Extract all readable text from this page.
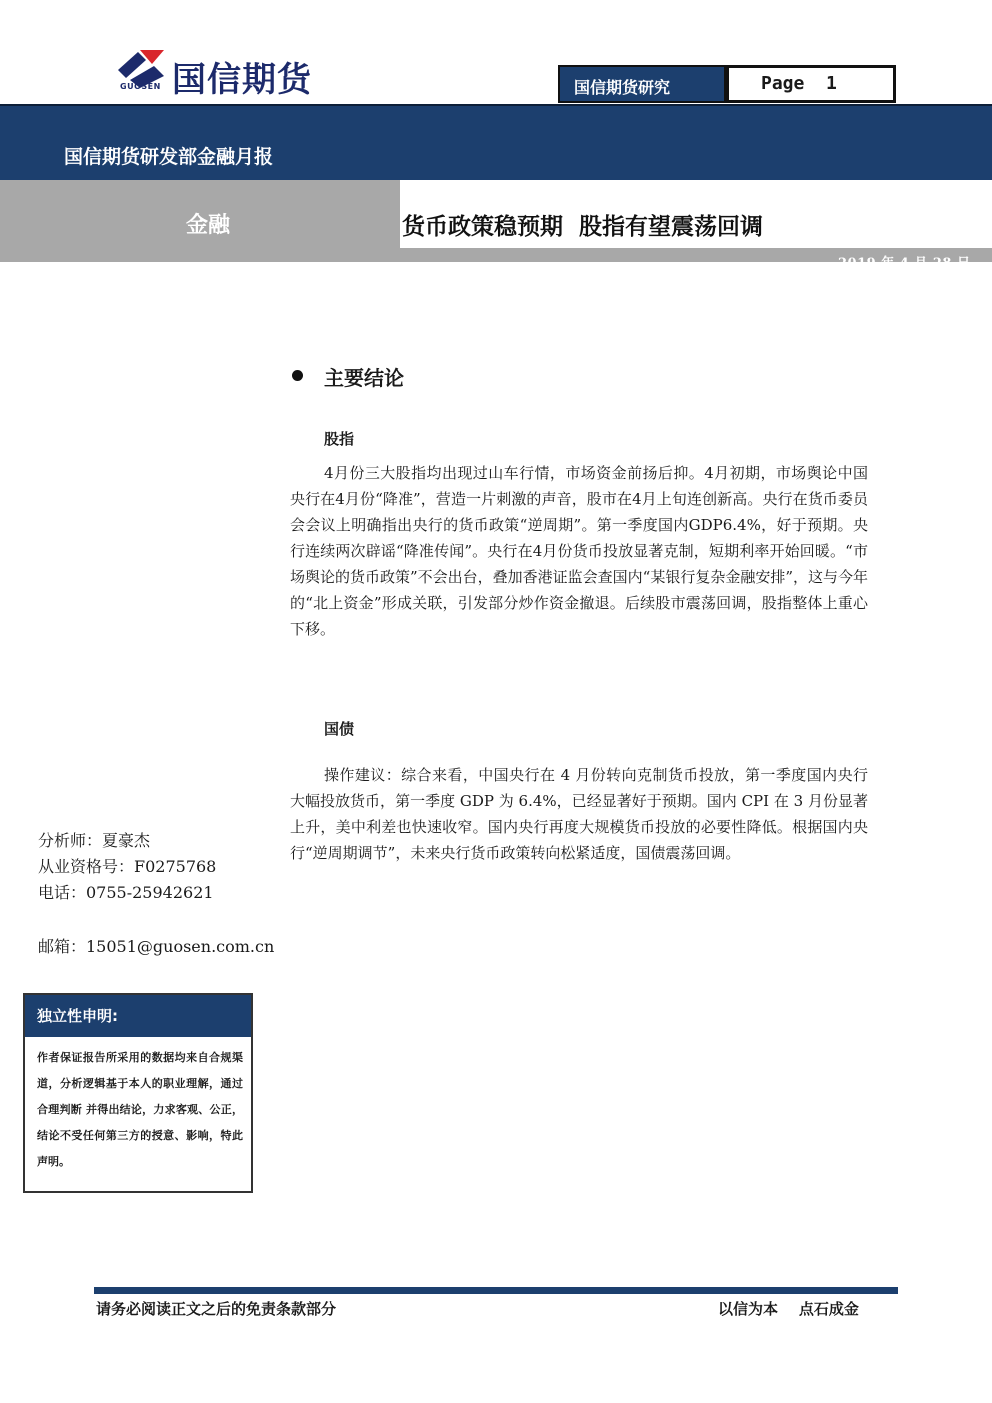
国信期货
GUOSEN	国信期货研究	Page  1
国信期货研发部金融月报
金融	货币政策稳预期  股指有望震荡回调
2019 年 4 月 28 日
主要结论
股指

4月份三大股指均出现过山车行情，市场资金前扬后抑。4月初期，市场舆论中国央行在4月份“降准”，营造一片刺激的声音，股市在4月上旬连创新高。央行在货币委员会会议上明确指出央行的货币政策“逆周期”。第一季度国内GDP6.4%，好于预期。央行连续两次辟谣“降准传闻”。央行在4月份货币投放显著克制，短期利率开始回暖。“市场舆论的货币政策”不会出台，叠加香港证监会查国内“某银行复杂金融安排”，这与今年的“北上资金”形成关联，引发部分炒作资金撤退。后续股市震荡回调，股指整体上重心下移。

国债

操作建议：综合来看，中国央行在 4 月份转向克制货币投放，第一季度国内央行大幅投放货币，第一季度 GDP 为 6.4%，已经显著好于预期。国内 CPI 在 3 月份显著上升，美中利差也快速收窄。国内央行再度大规模货币投放的必要性降低。根据国内央行“逆周期调节”，未来央行货币政策转向松紧适度，国债震荡回调。

分析师：夏豪杰
从业资格号：F0275768
电话：0755-25942621
邮箱：15051@guosen.com.cn
独立性申明:
作者保证报告所采用的数据均来自合规渠道，分析逻辑基于本人的职业理解，通过合理判断 并得出结论，力求客观、公正，结论不受任何第三方的授意、影响，特此声明。
请务必阅读正文之后的免责条款部分	以信为本    点石成金
